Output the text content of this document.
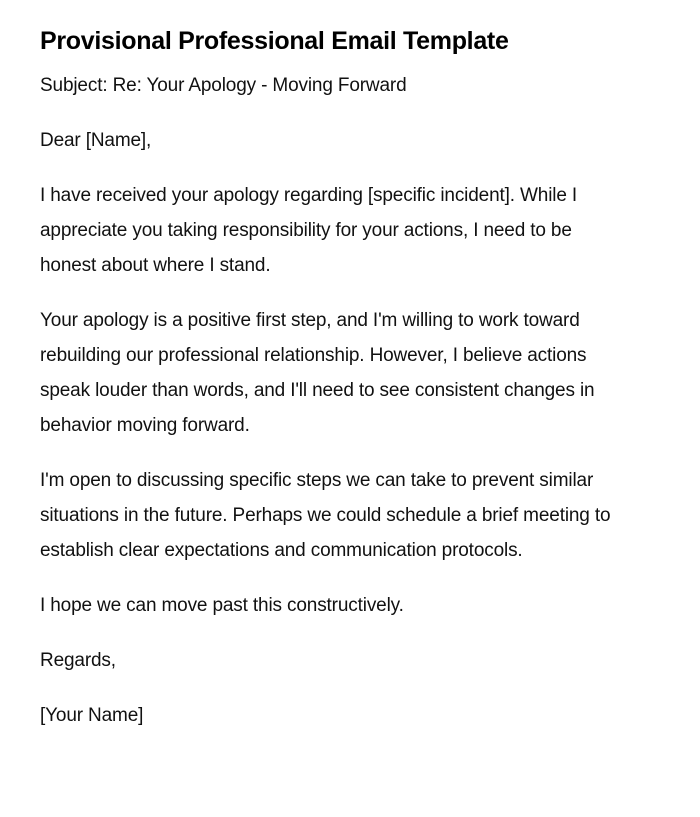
Provisional Professional Email Template

Subject: Re: Your Apology - Moving Forward

Dear [Name],

I have received your apology regarding [specific incident]. While I appreciate you taking responsibility for your actions, I need to be honest about where I stand.

Your apology is a positive first step, and I'm willing to work toward rebuilding our professional relationship. However, I believe actions speak louder than words, and I'll need to see consistent changes in behavior moving forward.

I'm open to discussing specific steps we can take to prevent similar situations in the future. Perhaps we could schedule a brief meeting to establish clear expectations and communication protocols.

I hope we can move past this constructively.

Regards,

[Your Name]
